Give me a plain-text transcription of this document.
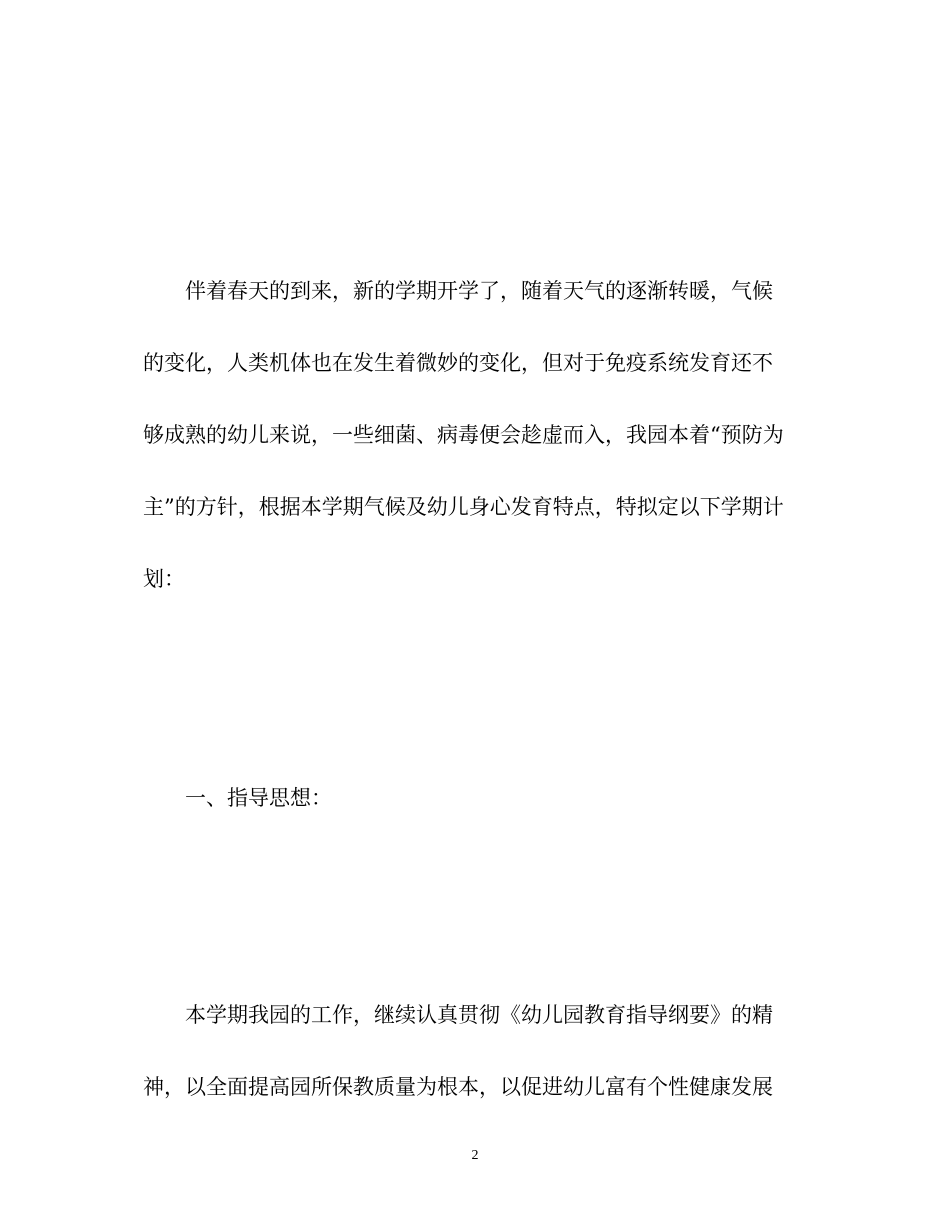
伴着春天的到来，新的学期开学了，随着天气的逐渐转暖，气候
的变化，人类机体也在发生着微妙的变化，但对于免疫系统发育还不
够成熟的幼儿来说，一些细菌、病毒便会趁虚而入，我园本着“预防为
主”的方针，根据本学期气候及幼儿身心发育特点，特拟定以下学期计
划：
一、指导思想：
本学期我园的工作，继续认真贯彻《幼儿园教育指导纲要》的精
神，以全面提高园所保教质量为根本，以促进幼儿富有个性健康发展
2
